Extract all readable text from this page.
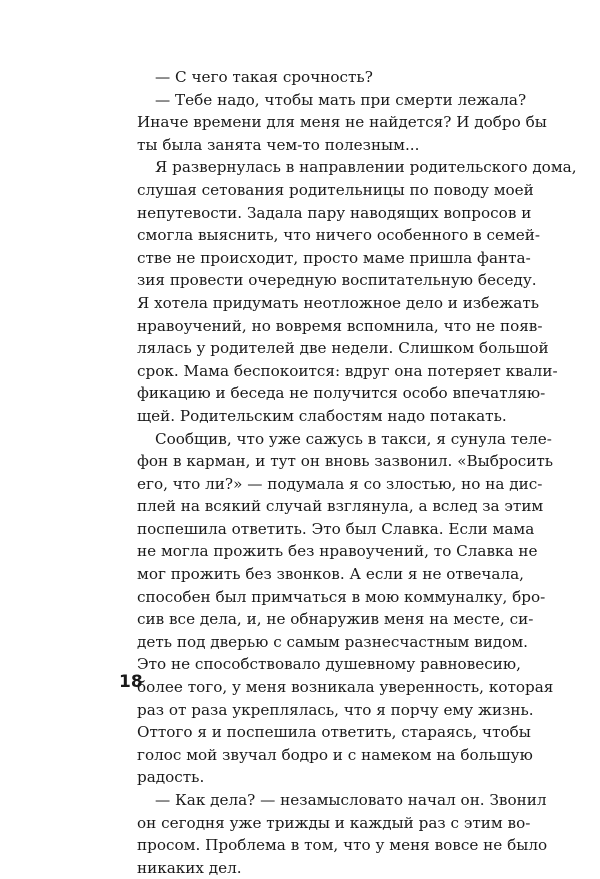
— С чего такая срочность?

— Тебе надо, чтобы мать при смерти лежала?
Иначе времени для меня не найдется? И добро бы
ты была занята чем-то полезным...

Я развернулась в направлении родительского дома,
слушая сетования родительницы по поводу моей
непутевости. Задала пару наводящих вопросов и
смогла выяснить, что ничего особенного в семей-
стве не происходит, просто маме пришла фанта-
зия провести очередную воспитательную беседу.
Я хотела придумать неотложное дело и избежать
нравоучений, но вовремя вспомнила, что не появ-
лялась у родителей две недели. Слишком большой
срок. Мама беспокоится: вдруг она потеряет квали-
фикацию и беседа не получится особо впечатляю-
щей. Родительским слабостям надо потакать.

Сообщив, что уже сажусь в такси, я сунула теле-
фон в карман, и тут он вновь зазвонил. «Выбросить
его, что ли?» — подумала я со злостью, но на дис-
плей на всякий случай взглянула, а вслед за этим
поспешила ответить. Это был Славка. Если мама
не могла прожить без нравоучений, то Славка не
мог прожить без звонков. А если я не отвечала,
способен был примчаться в мою коммуналку, бро-
сив все дела, и, не обнаружив меня на месте, си-
деть под дверью с самым разнесчастным видом.
Это не способствовало душевному равновесию,
более того, у меня возникала уверенность, которая
раз от раза укреплялась, что я порчу ему жизнь.
Оттого я и поспешила ответить, стараясь, чтобы
голос мой звучал бодро и с намеком на большую
радость.

— Как дела? — незамысловато начал он. Звонил
он сегодня уже трижды и каждый раз с этим во-
просом. Проблема в том, что у меня вовсе не было
никаких дел.

18
